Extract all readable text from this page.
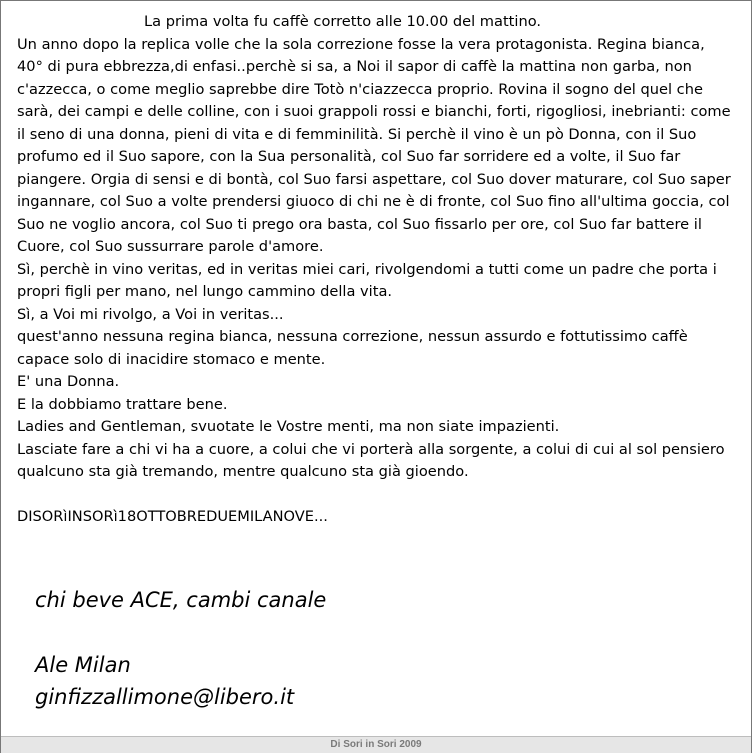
La prima volta fu caffè corretto alle 10.00 del mattino.

Un anno dopo la replica volle che la sola correzione fosse la vera protagonista. Regina bianca, 40° di pura ebbrezza,di enfasi..perchè si sa, a Noi il sapor di caffè la mattina non garba, non c'azzecca, o come meglio saprebbe dire Totò n'ciazzecca proprio. Rovina il sogno del quel che sarà, dei campi e delle colline, con i suoi grappoli rossi e bianchi, forti, rigogliosi, inebrianti: come il seno di una donna, pieni di vita e di femminilità. Si perchè il vino è un pò Donna, con il Suo profumo ed il Suo sapore, con la Sua personalità, col Suo far sorridere ed a volte, il Suo far piangere. Orgia di sensi e di bontà, col Suo farsi aspettare, col Suo dover maturare, col Suo saper ingannare, col Suo a volte prendersi giuoco di chi ne è di fronte, col Suo fino all'ultima goccia, col Suo ne voglio ancora, col Suo ti prego ora basta, col Suo fissarlo per ore, col Suo far battere il Cuore, col Suo sussurrare parole d'amore.

Sì, perchè in vino veritas, ed in veritas miei cari, rivolgendomi a tutti come un padre che porta i propri figli per mano, nel lungo cammino della vita.

Sì, a Voi mi rivolgo, a Voi in veritas...

quest'anno nessuna regina bianca, nessuna correzione, nessun assurdo e fottutissimo caffè capace solo di inacidire stomaco e mente.

E' una Donna.

E la dobbiamo trattare bene.

Ladies and Gentleman, svuotate le Vostre menti, ma non siate impazienti.

Lasciate fare a chi vi ha a cuore, a colui che vi porterà alla sorgente, a colui di cui al sol pensiero qualcuno sta già tremando, mentre qualcuno sta già gioendo.

DISORìINSORì18OTTOBREDUEMILANOVE...

chi beve ACE, cambi canale
Ale Milan
ginfizzallimone@libero.it
Di Sori in Sori 2009
